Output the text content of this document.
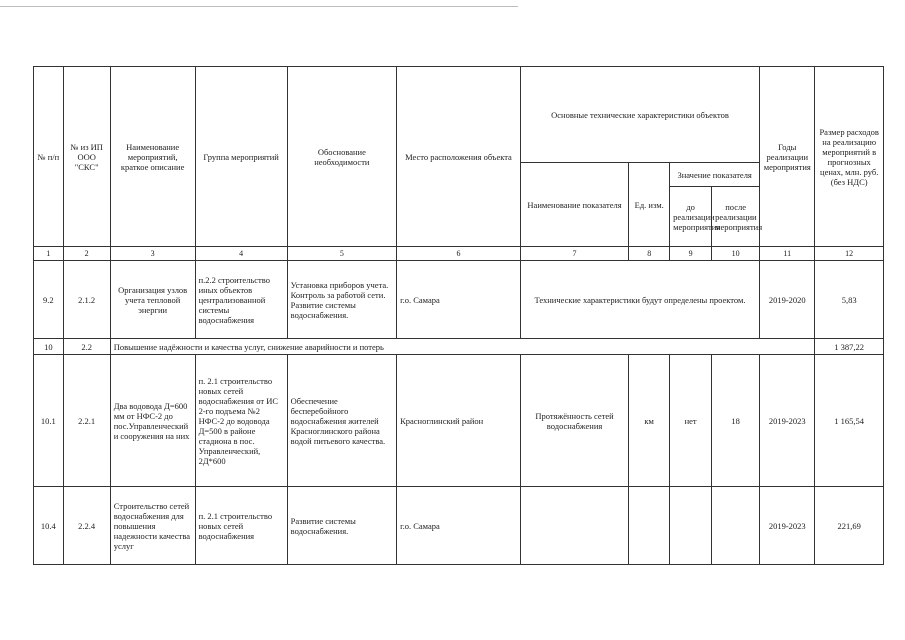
№ п/п	№ из ИП ООО "СКС"	Наименование мероприятий, краткое описание	Группа мероприятий	Обоснование необходимости	Место расположения объекта	Основные технические характеристики объектов				Годы реализации мероприятия	Размер расходов на реализацию мероприятий в прогнозных ценах, млн. руб. (без НДС)
						Наименование показателя	Ед. изм.	Значение показателя			
								до реализации мероприятия	после реализации мероприятия		
1	2	3	4	5	6	7	8	9	10	11	12
9.2	2.1.2	Организация узлов учета тепловой энергии	п.2.2 строительство иных объектов централизованной системы водоснабжения	Установка приборов учета. Контроль за работой сети. Развитие системы водоснабжения.	г.о. Самара	Технические характеристики будут определены проектом.				2019-2020	5,83
10	2.2	Повышение надёжности и качества услуг, снижение аварийности и потерь									1 387,22
10.1	2.2.1	Два водовода Д=600 мм от НФС-2 до пос.Управленческий и сооружения на них	п. 2.1 строительство новых сетей водоснабжения от ИС 2-го подъема №2 НФС-2 до водовода Д=500 в районе стадиона в пос. Управленческий, 2Д*600	Обеспечение бесперебойного водоснабжения жителей Красноглинского района водой питьевого качества.	Красноглинский район	Протяжённость сетей водоснабжения	км	нет	18	2019-2023	1 165,54
10.4	2.2.4	Строительство сетей водоснабжения для повышения надежности качества услуг	п. 2.1 строительство новых сетей водоснабжения	Развитие системы водоснабжения.	г.о. Самара					2019-2023	221,69
